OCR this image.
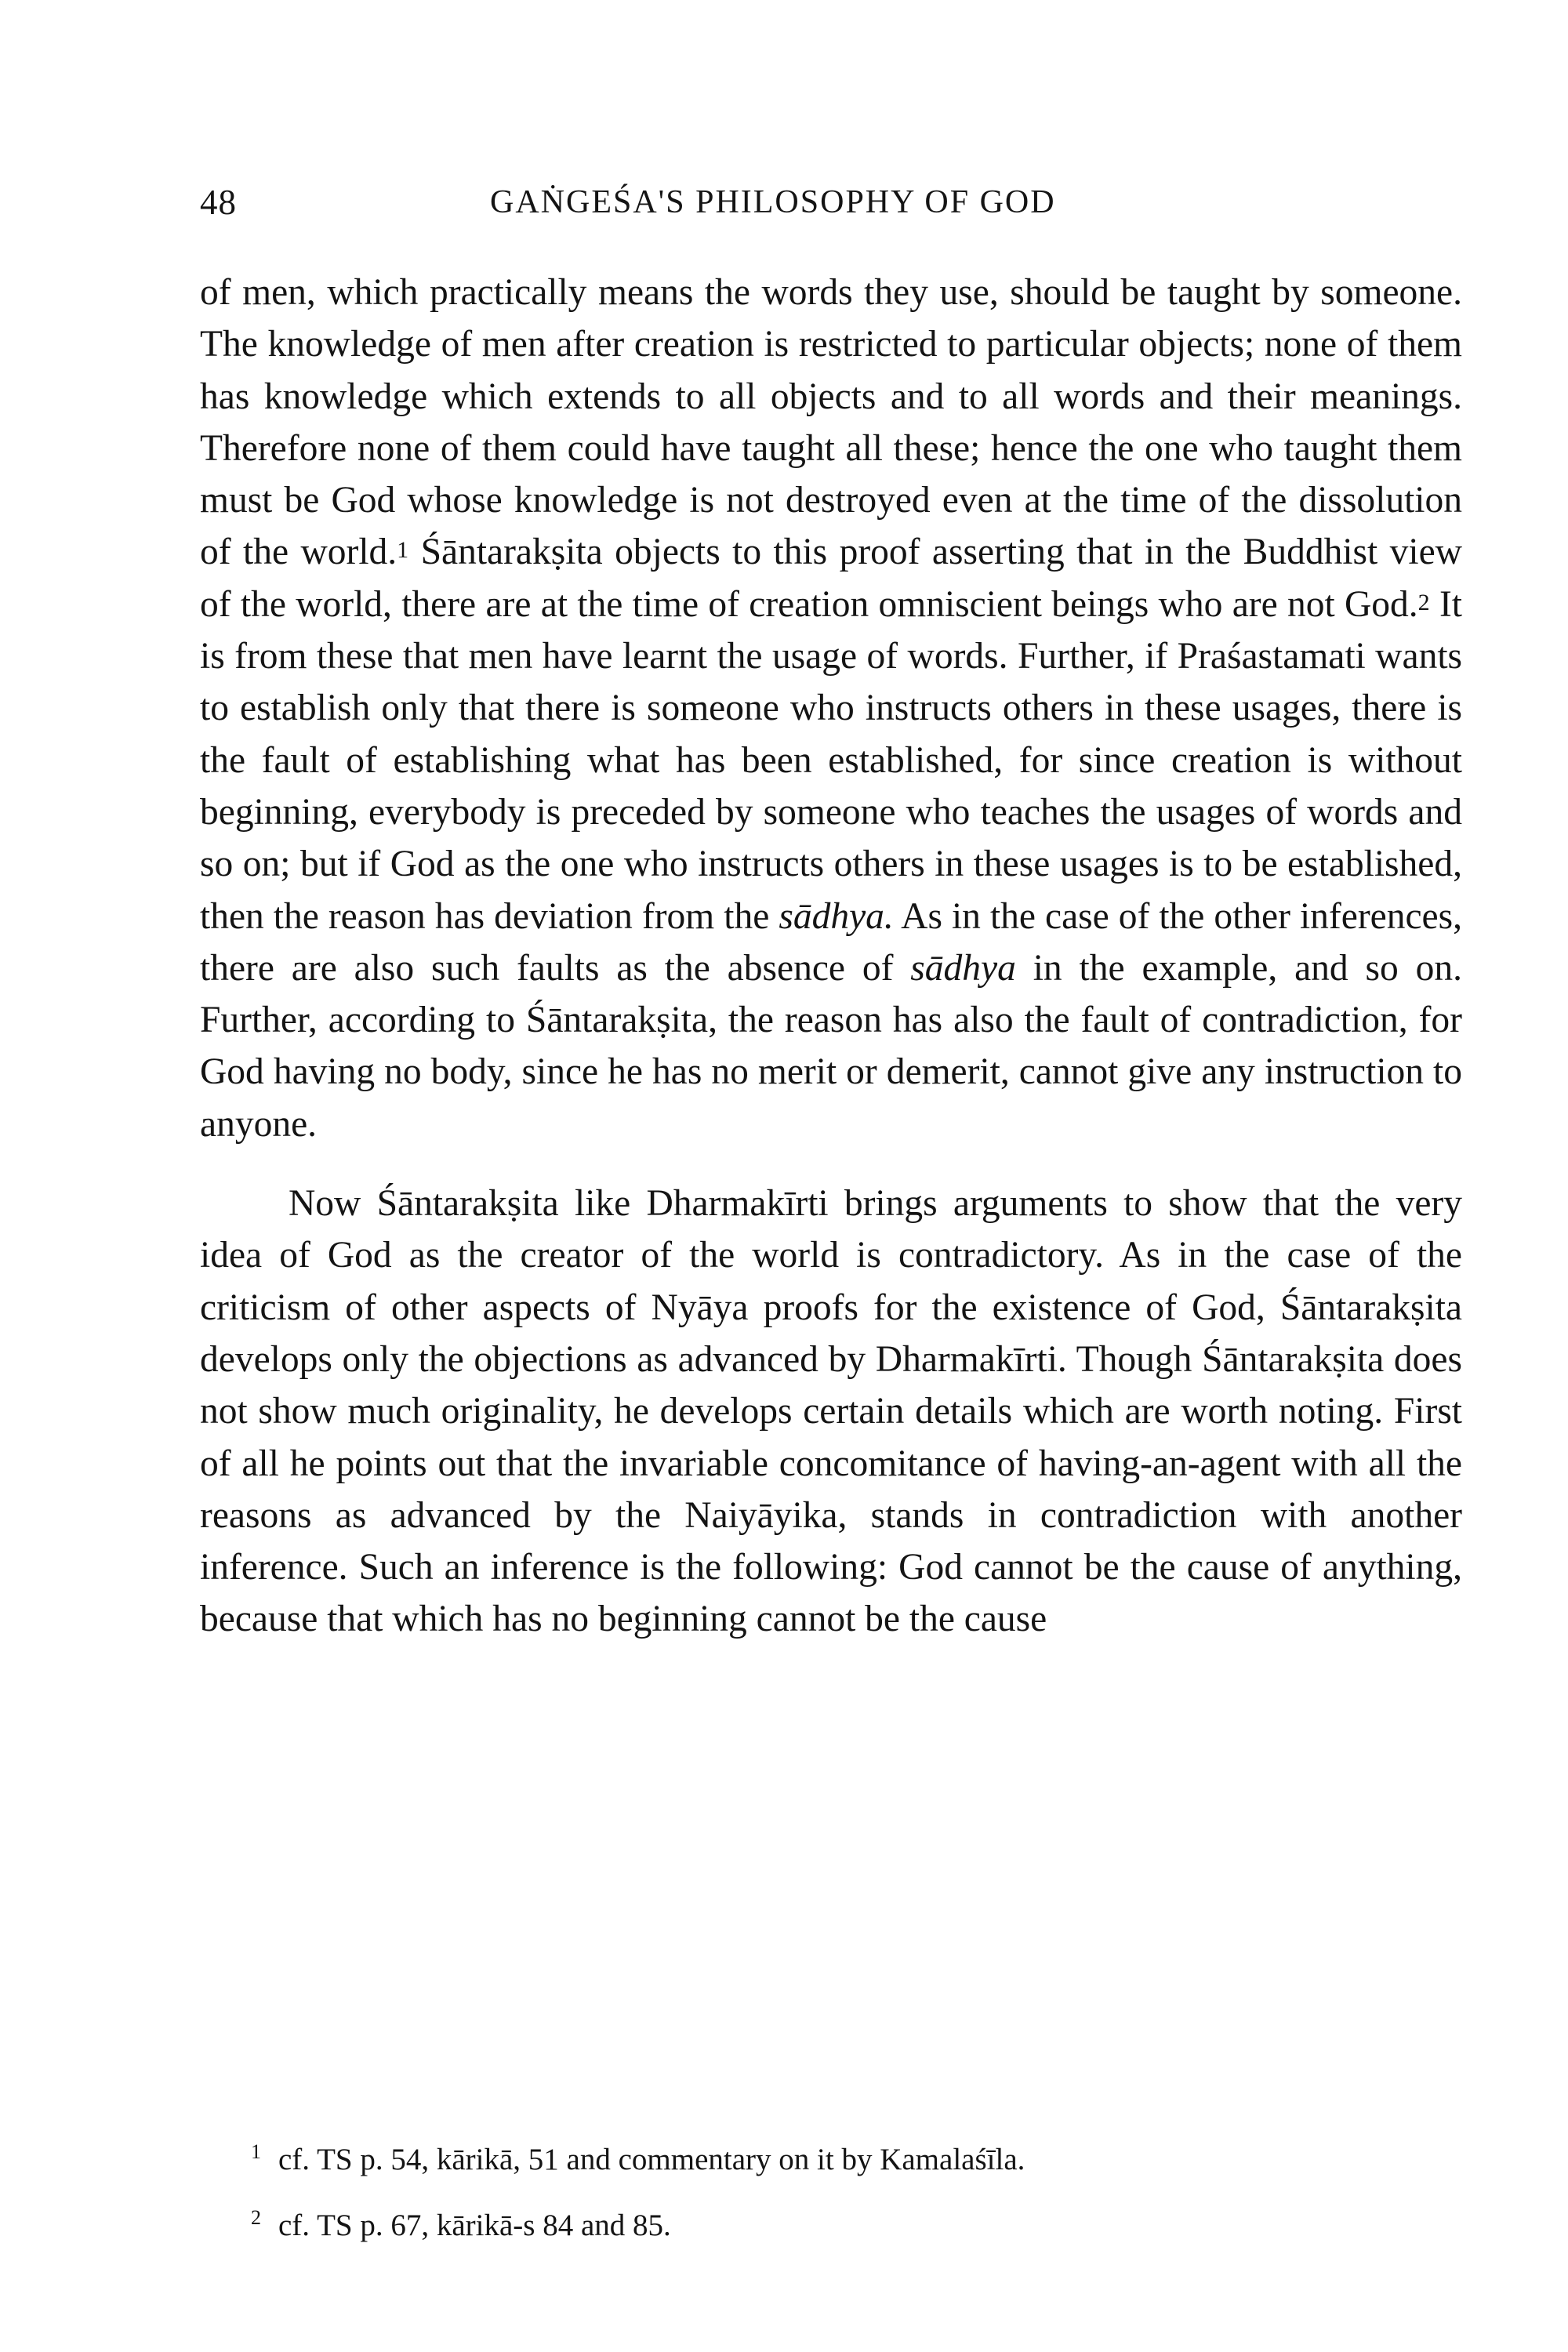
48	GAṄGEŚA'S PHILOSOPHY OF GOD

of men, which practically means the words they use, should be taught by someone. The knowledge of men after creation is restricted to particular objects; none of them has knowledge which extends to all objects and to all words and their meanings. Therefore none of them could have taught all these; hence the one who taught them must be God whose knowledge is not destroyed even at the time of the dissolution of the world.$^1$ Śāntarakṣita objects to this proof asserting that in the Buddhist view of the world, there are at the time of creation omniscient beings who are not God.$^2$ It is from these that men have learnt the usage of words. Further, if Praśastamati wants to establish only that there is someone who instructs others in these usages, there is the fault of establishing what has been established, for since creation is without beginning, everybody is preceded by someone who teaches the usages of words and so on; but if God as the one who instructs others in these usages is to be established, then the reason has deviation from the sādhya. As in the case of the other inferences, there are also such faults as the absence of sādhya in the example, and so on. Further, according to Śāntarakṣita, the reason has also the fault of contradiction, for God having no body, since he has no merit or demerit, cannot give any instruction to anyone.

Now Śāntarakṣita like Dharmakīrti brings arguments to show that the very idea of God as the creator of the world is contradictory. As in the case of the criticism of other aspects of Nyāya proofs for the existence of God, Śāntarakṣita develops only the objections as advanced by Dharmakīrti. Though Śāntarakṣita does not show much originality, he develops certain details which are worth noting. First of all he points out that the invariable concomitance of having-an-agent with all the reasons as advanced by the Naiyāyika, stands in contradiction with another inference. Such an inference is the following: God cannot be the cause of anything, because that which has no beginning cannot be the cause

$^1$ cf. TS p. 54, kārikā, 51 and commentary on it by Kamalaśīla.
$^2$ cf. TS p. 67, kārikā-s 84 and 85.
